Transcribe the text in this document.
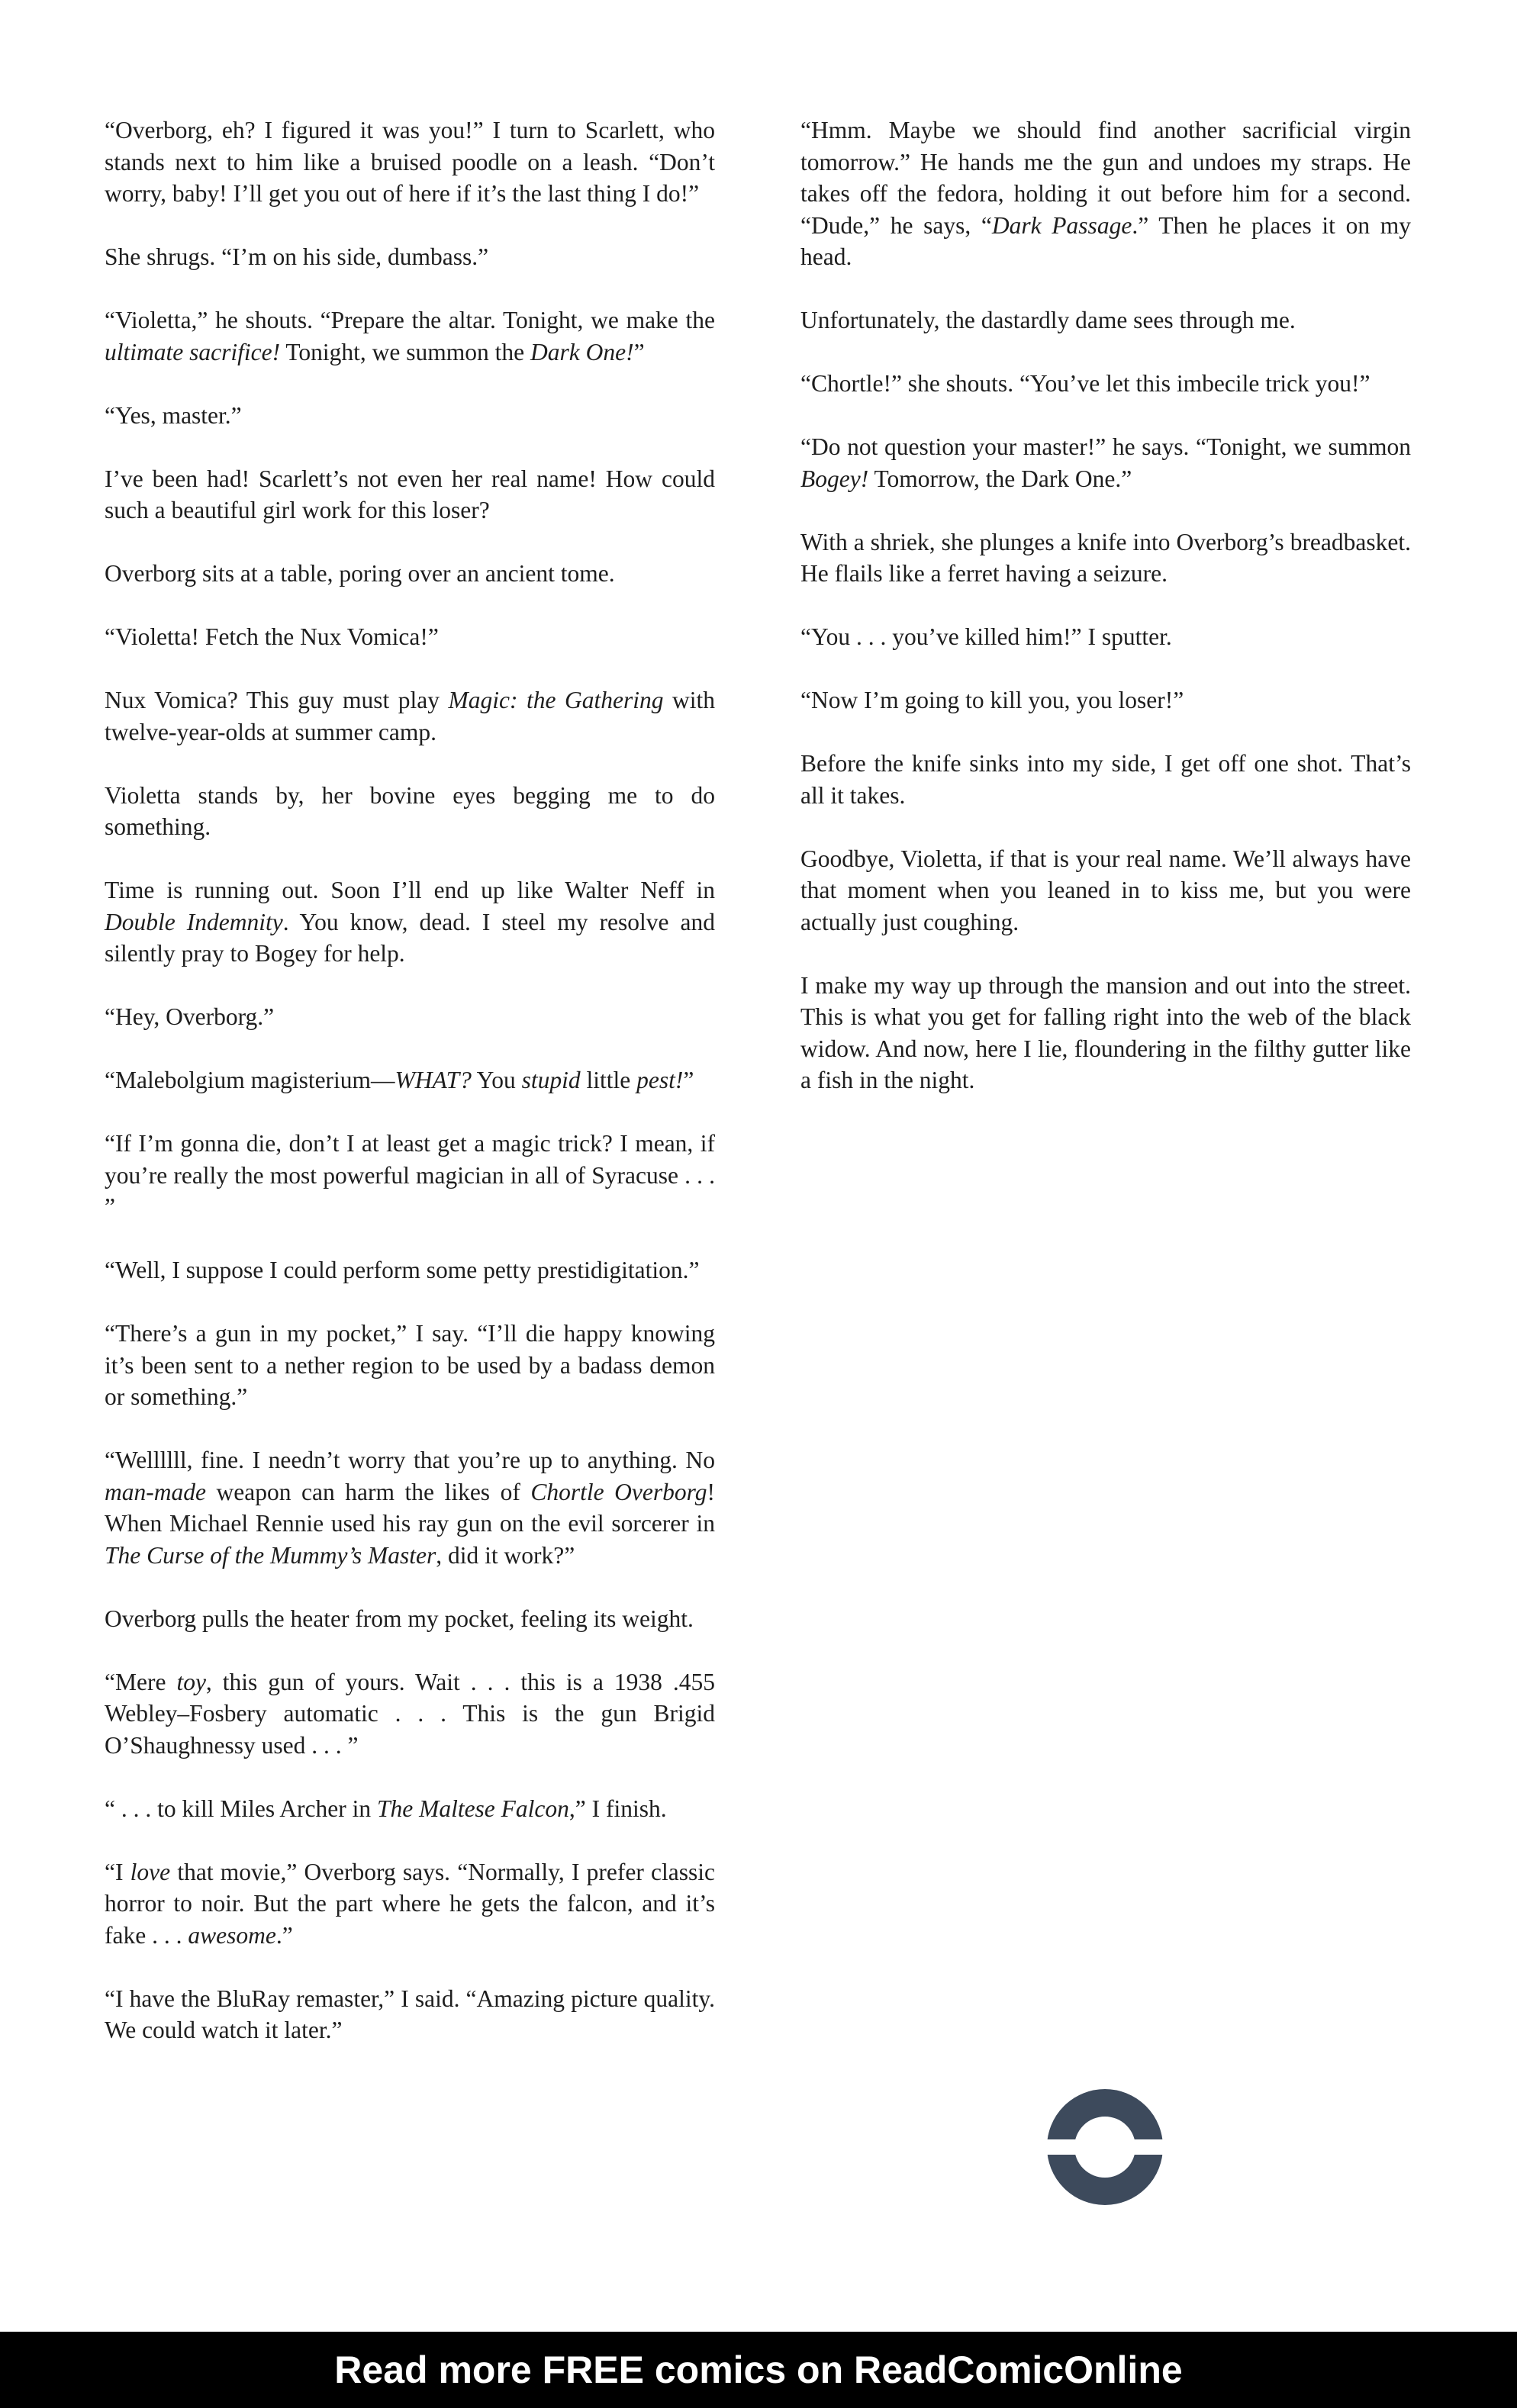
“Overborg, eh? I figured it was you!” I turn to Scarlett, who stands next to him like a bruised poodle on a leash. “Don’t worry, baby! I’ll get you out of here if it’s the last thing I do!”

She shrugs. “I’m on his side, dumbass.”

“Violetta,” he shouts. “Prepare the altar. Tonight, we make the ultimate sacrifice! Tonight, we summon the Dark One!”

“Yes, master.”

I’ve been had! Scarlett’s not even her real name! How could such a beautiful girl work for this loser?

Overborg sits at a table, poring over an ancient tome.

“Violetta! Fetch the Nux Vomica!”

Nux Vomica? This guy must play Magic: the Gathering with twelve-year-olds at summer camp.

Violetta stands by, her bovine eyes begging me to do something.

Time is running out. Soon I’ll end up like Walter Neff in Double Indemnity. You know, dead. I steel my resolve and silently pray to Bogey for help.

“Hey, Overborg.”

“Malebolgium magisterium—WHAT? You stupid little pest!”

“If I’m gonna die, don’t I at least get a magic trick? I mean, if you’re really the most powerful magician in all of Syracuse . . . ”

“Well, I suppose I could perform some petty prestidigitation.”

“There’s a gun in my pocket,” I say. “I’ll die happy knowing it’s been sent to a nether region to be used by a badass demon or something.”

“Wellllll, fine. I needn’t worry that you’re up to anything. No man-made weapon can harm the likes of Chortle Overborg! When Michael Rennie used his ray gun on the evil sorcerer in The Curse of the Mummy’s Master, did it work?”

Overborg pulls the heater from my pocket, feeling its weight.

“Mere toy, this gun of yours. Wait . . . this is a 1938 .455 Webley–Fosbery automatic . . . This is the gun Brigid O’Shaughnessy used . . . ”

“ . . . to kill Miles Archer in The Maltese Falcon,” I finish.

“I love that movie,” Overborg says. “Normally, I prefer classic horror to noir. But the part where he gets the falcon, and it’s fake . . . awesome.”

“I have the BluRay remaster,” I said. “Amazing picture quality. We could watch it later.”

“Hmm. Maybe we should find another sacrificial virgin tomorrow.” He hands me the gun and undoes my straps. He takes off the fedora, holding it out before him for a second. “Dude,” he says, “Dark Passage.” Then he places it on my head.

Unfortunately, the dastardly dame sees through me.

“Chortle!” she shouts. “You’ve let this imbecile trick you!”

“Do not question your master!” he says. “Tonight, we summon Bogey! Tomorrow, the Dark One.”

With a shriek, she plunges a knife into Overborg’s breadbasket. He flails like a ferret having a seizure.

“You . . . you’ve killed him!” I sputter.

“Now I’m going to kill you, you loser!”

Before the knife sinks into my side, I get off one shot. That’s all it takes.

Goodbye, Violetta, if that is your real name. We’ll always have that moment when you leaned in to kiss me, but you were actually just coughing.

I make my way up through the mansion and out into the street. This is what you get for falling right into the web of the black widow. And now, here I lie, floundering in the filthy gutter like a fish in the night.

Read more FREE comics on ReadComicOnline
